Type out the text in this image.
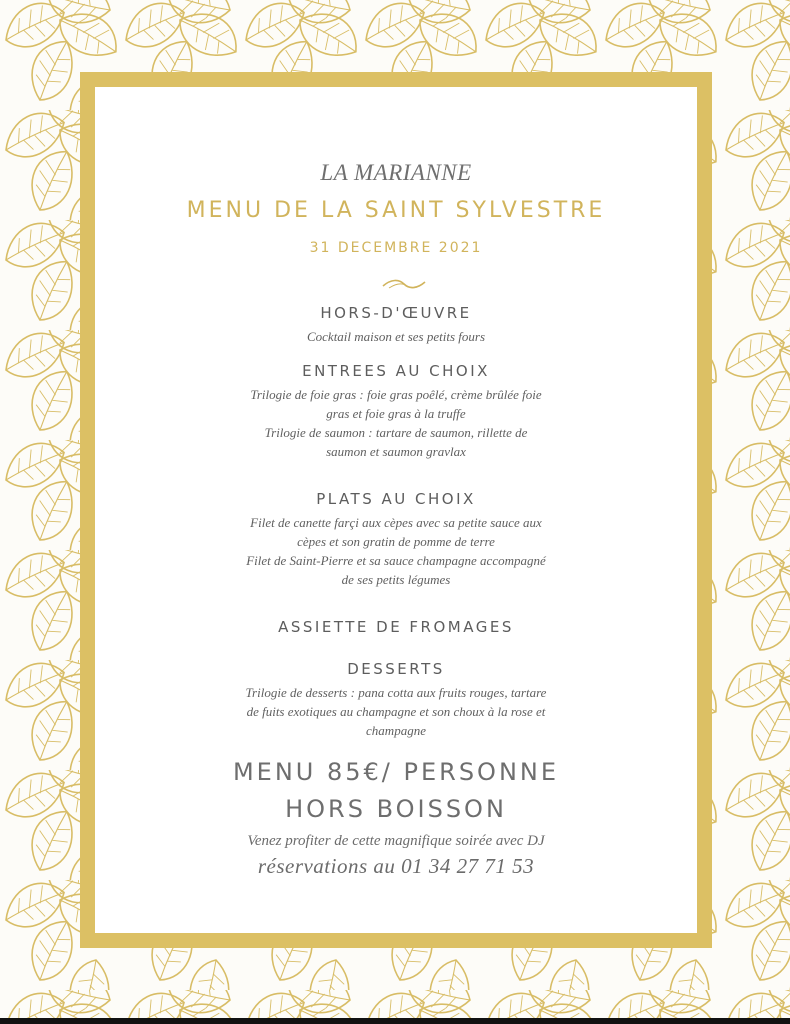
LA MARIANNE
MENU DE LA SAINT SYLVESTRE
31 DECEMBRE 2021
HORS-D'ŒUVRE
Cocktail maison et ses petits fours
ENTREES AU CHOIX
Trilogie de foie gras : foie gras poêlé, crème brûlée foie
gras et foie gras à la truffe
Trilogie de saumon : tartare de saumon, rillette de
saumon et saumon gravlax
PLATS AU CHOIX
Filet de canette farçi aux cèpes avec sa petite sauce aux
cèpes et son gratin de pomme de terre
Filet de Saint-Pierre et sa sauce champagne accompagné
de ses petits légumes
ASSIETTE DE FROMAGES
DESSERTS
Trilogie de desserts : pana cotta aux fruits rouges, tartare
de fuits exotiques au champagne et son choux à la rose et
champagne
MENU 85€/ PERSONNE
HORS BOISSON
Venez profiter de cette magnifique soirée avec DJ
réservations au 01 34 27 71 53
